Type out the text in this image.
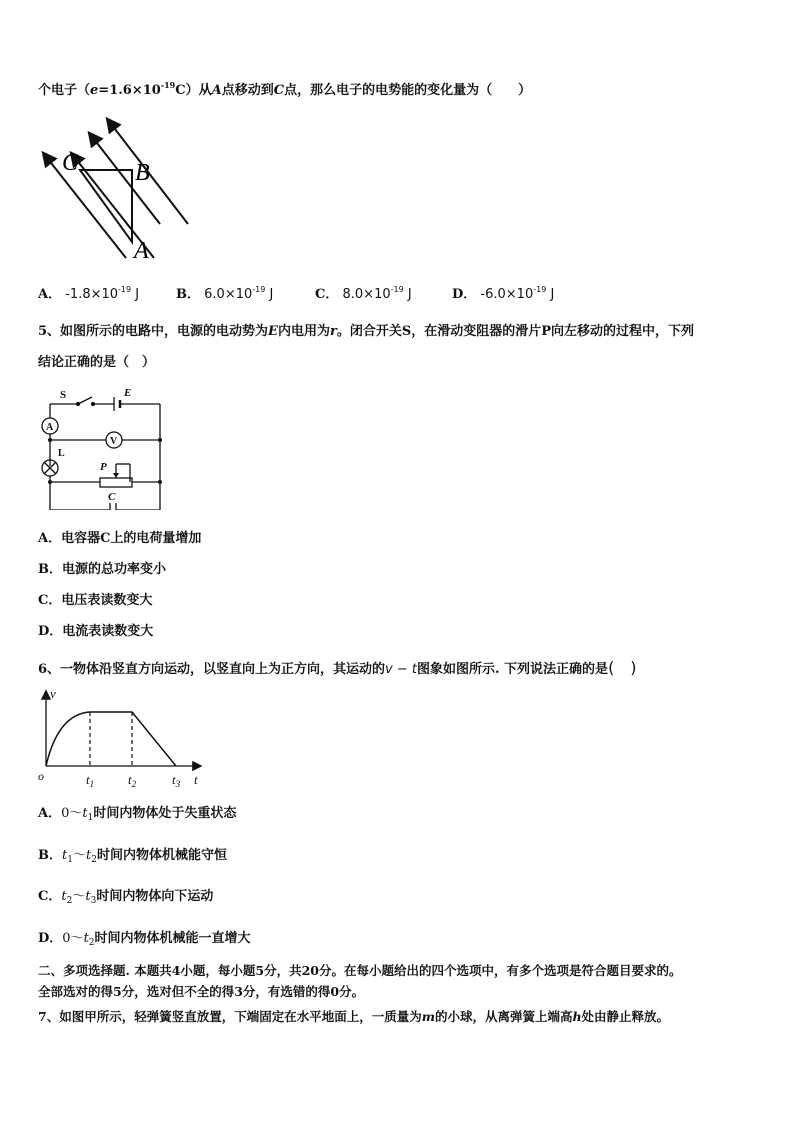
个电子$(e=1.6\times 10^{-19}C)$从A点移动到C点，那么电子的电势能的变化量为（　　）
C B
A
A． $-1.8\times 10^{-19}$ J	B． $6.0\times 10^{-19}$ J	C． $8.0\times 10^{-19}$ J	D． $-6.0\times 10^{-19}$ J
5、如图所示的电路中，电源的电动势为E内电用为r。闭合开关S，在滑动变阻器的滑片P向左移动的过程中，下列
结论正确的是（　）
S	E
A
V
L
P
C
A．电容器C上的电荷量增加
B．电源的总功率变小
C．电压表读数变大
D．电流表读数变大
6、一物体沿竖直方向运动，以竖直向上为正方向，其运动的v − t图象如图所示. 下列说法正确的是(　)
v
o	$t_1$	$t_2$	$t_3$ t
A．$0\sim t_1$时间内物体处于失重状态
B．$t_1\sim t_2$时间内物体机械能守恒
C．$t_2\sim t_3$时间内物体向下运动
D．$0\sim t_2$时间内物体机械能一直增大
二、多项选择题. 本题共4小题，每小题5分，共20分。在每小题给出的四个选项中，有多个选项是符合题目要求的。
全部选对的得5分，选对但不全的得3分，有选错的得0分。
7、如图甲所示，轻弹簧竖直放置，下端固定在水平地面上，一质量为m的小球，从离弹簧上端高h处由静止释放。
